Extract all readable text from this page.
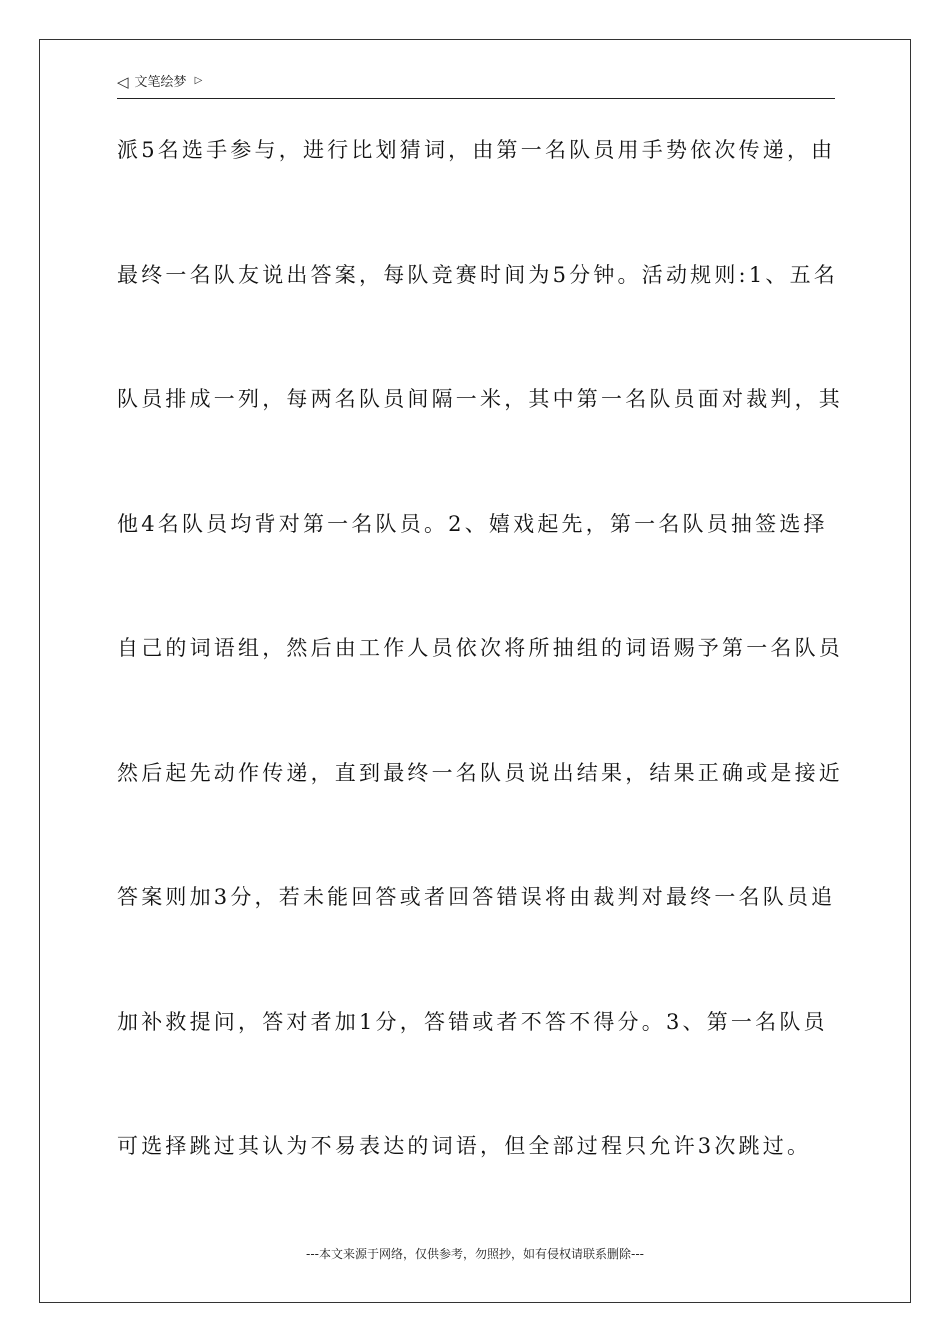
◁ 文笔绘梦 ▷
派5名选手参与，进行比划猜词，由第一名队员用手势依次传递，由
最终一名队友说出答案，每队竞赛时间为5分钟。活动规则:1、五名
队员排成一列，每两名队员间隔一米，其中第一名队员面对裁判，其
他4名队员均背对第一名队员。2、嬉戏起先，第一名队员抽签选择
自己的词语组，然后由工作人员依次将所抽组的词语赐予第一名队员
然后起先动作传递，直到最终一名队员说出结果，结果正确或是接近
答案则加3分，若未能回答或者回答错误将由裁判对最终一名队员追
加补救提问，答对者加1分，答错或者不答不得分。3、第一名队员
可选择跳过其认为不易表达的词语，但全部过程只允许3次跳过。
---本文来源于网络，仅供参考，勿照抄，如有侵权请联系删除---
